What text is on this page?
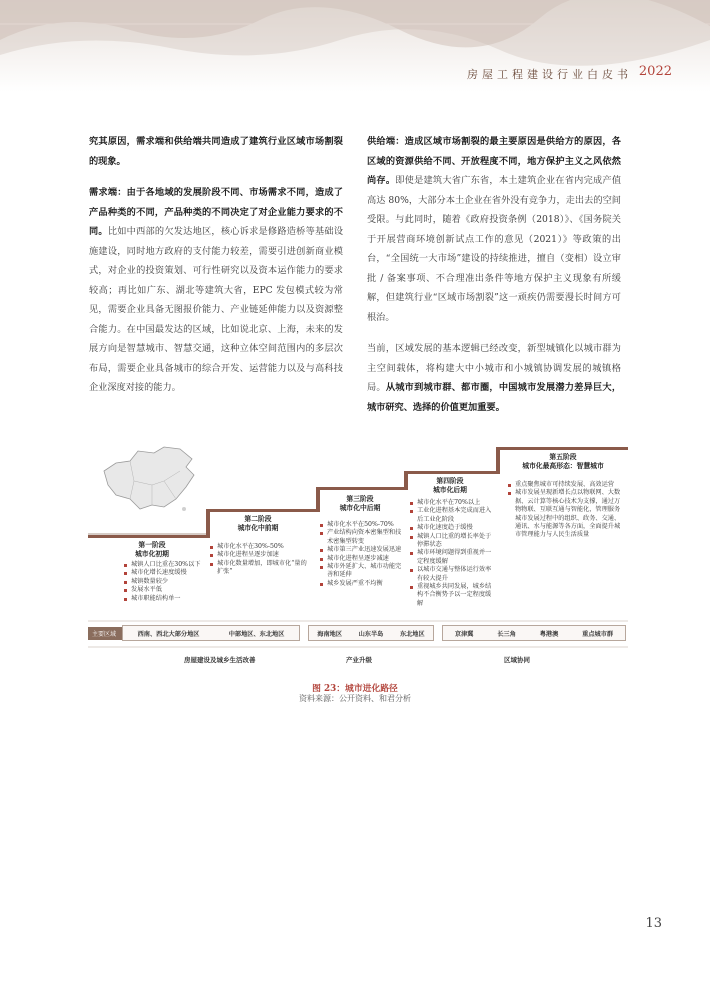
房屋工程建设行业白皮书 2022

究其原因，需求端和供给端共同造成了建筑行业区域市场割裂的现象。

需求端：由于各地域的发展阶段不同、市场需求不同，造成了产品种类的不同，产品种类的不同决定了对企业能力要求的不同。比如中西部的欠发达地区，核心诉求是修路造桥等基础设施建设，同时地方政府的支付能力较差，需要引进创新商业模式，对企业的投资策划、可行性研究以及资本运作能力的要求较高；再比如广东、湖北等建筑大省，EPC 发包模式较为常见，需要企业具备无图报价能力、产业链延伸能力以及资源整合能力。在中国最发达的区域，比如说北京、上海，未来的发展方向是智慧城市、智慧交通，这种立体空间范围内的多层次布局，需要企业具备城市的综合开发、运营能力以及与高科技企业深度对接的能力。

供给端：造成区域市场割裂的最主要原因是供给方的原因，各区域的资源供给不同、开放程度不同，地方保护主义之风依然尚存。即使是建筑大省广东省，本土建筑企业在省内完成产值高达 80%，大部分本土企业在省外没有竞争力，走出去的空间受限。与此同时，随着《政府投资条例（2018）》、《国务院关于开展营商环境创新试点工作的意见（2021）》等政策的出台，“全国统一大市场”建设的持续推进，擅自（变相）设立审批 / 备案事项、不合理准出条件等地方保护主义现象有所缓解，但建筑行业“区域市场割裂”这一顽疾仍需要漫长时间方可根治。

当前，区域发展的基本逻辑已经改变，新型城镇化以城市群为主空间载体，将构建大中小城市和小城镇协调发展的城镇格局。从城市到城市群、都市圈，中国城市发展潜力差异巨大，城市研究、选择的价值更加重要。

第一阶段
城市化初期
城镇人口比重在30%以下
城市化增长速度缓慢
城镇数量较少
发展水平低
城市职能结构单一
第二阶段
城市化中前期
城市化水平在30%-50%
城市化进程呈逐步加速
城市化数量增加，即城市化“量的扩张”
第三阶段
城市化中后期
城市化水平在50%-70%
产业结构向资本密集型和技术密集型转变
城市第三产业迅速发展迅速
城市化进程呈逐步减速
城市外延扩大、城市功能完善和延伸
城乡发展严重不均衡
第四阶段
城市化后期
城市化水平在70%以上
工业化进程基本完成而进入后工业化阶段
城市化速度趋于缓慢
城镇人口比重的增长率处于停滞状态
城市环境问题得到重视并一定程度缓解
以城市交通与整体运行效率有较大提升
重视城乡共同发展，城乡结构不合衡势予以一定程度缓解
第五阶段
城市化最高形态：智慧城市
重点聚焦城市可持续发展、高效运营
城市发展呈现新增长点以物联网、大数据、云计算等核心技术为支撑，通过万物物联、互联互通与智能化，管理服务城市发展过程中的组织、政务、交通、通讯、水与能源等各方面，全面提升城市管理能力与人民生活质量
主要区域	西南、西北大部分地区	中部地区、东北地区	海南地区	山东半岛	东北地区	京津冀	长三角	粤港澳	重点城市群
房屋建设及城乡生活改善	产业升级	区域协同
图 23：城市进化路径
资料来源：公开资料、和君分析
13
